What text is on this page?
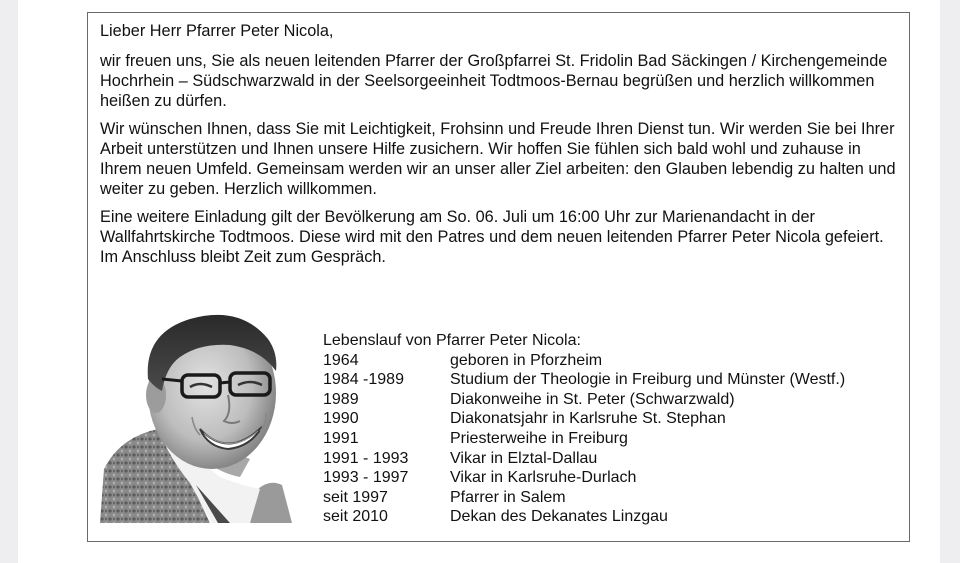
Lieber Herr Pfarrer Peter Nicola,

wir freuen uns, Sie als neuen leitenden Pfarrer der Großpfarrei St. Fridolin Bad Säckingen / Kirchengemeinde Hochrhein – Südschwarzwald in der Seelsorgeeinheit Todtmoos-Bernau begrüßen und herzlich willkommen heißen zu dürfen.

Wir wünschen Ihnen, dass Sie mit Leichtigkeit, Frohsinn und Freude Ihren Dienst tun. Wir werden Sie bei Ihrer Arbeit unterstützen und Ihnen unsere Hilfe zusichern. Wir hoffen Sie fühlen sich bald wohl und zuhause in Ihrem neuen Umfeld. Gemeinsam werden wir an unser aller Ziel arbeiten: den Glauben lebendig zu halten und weiter zu geben. Herzlich willkommen.

Eine weitere Einladung gilt der Bevölkerung am So. 06. Juli um 16:00 Uhr zur Marienandacht in der Wallfahrtskirche Todtmoos. Diese wird mit den Patres und dem neuen leitenden Pfarrer Peter Nicola gefeiert. Im Anschluss bleibt Zeit zum Gespräch.

Lebenslauf von Pfarrer Peter Nicola:

1964	geboren in Pforzheim
1984 -1989	Studium der Theologie in Freiburg und Münster (Westf.)
1989	Diakonweihe in St. Peter (Schwarzwald)
1990	Diakonatsjahr in Karlsruhe St. Stephan
1991	Priesterweihe in Freiburg
1991 - 1993	Vikar in Elztal-Dallau
1993 - 1997	Vikar in Karlsruhe-Durlach
seit 1997	Pfarrer in Salem
seit 2010	Dekan des Dekanates Linzgau
